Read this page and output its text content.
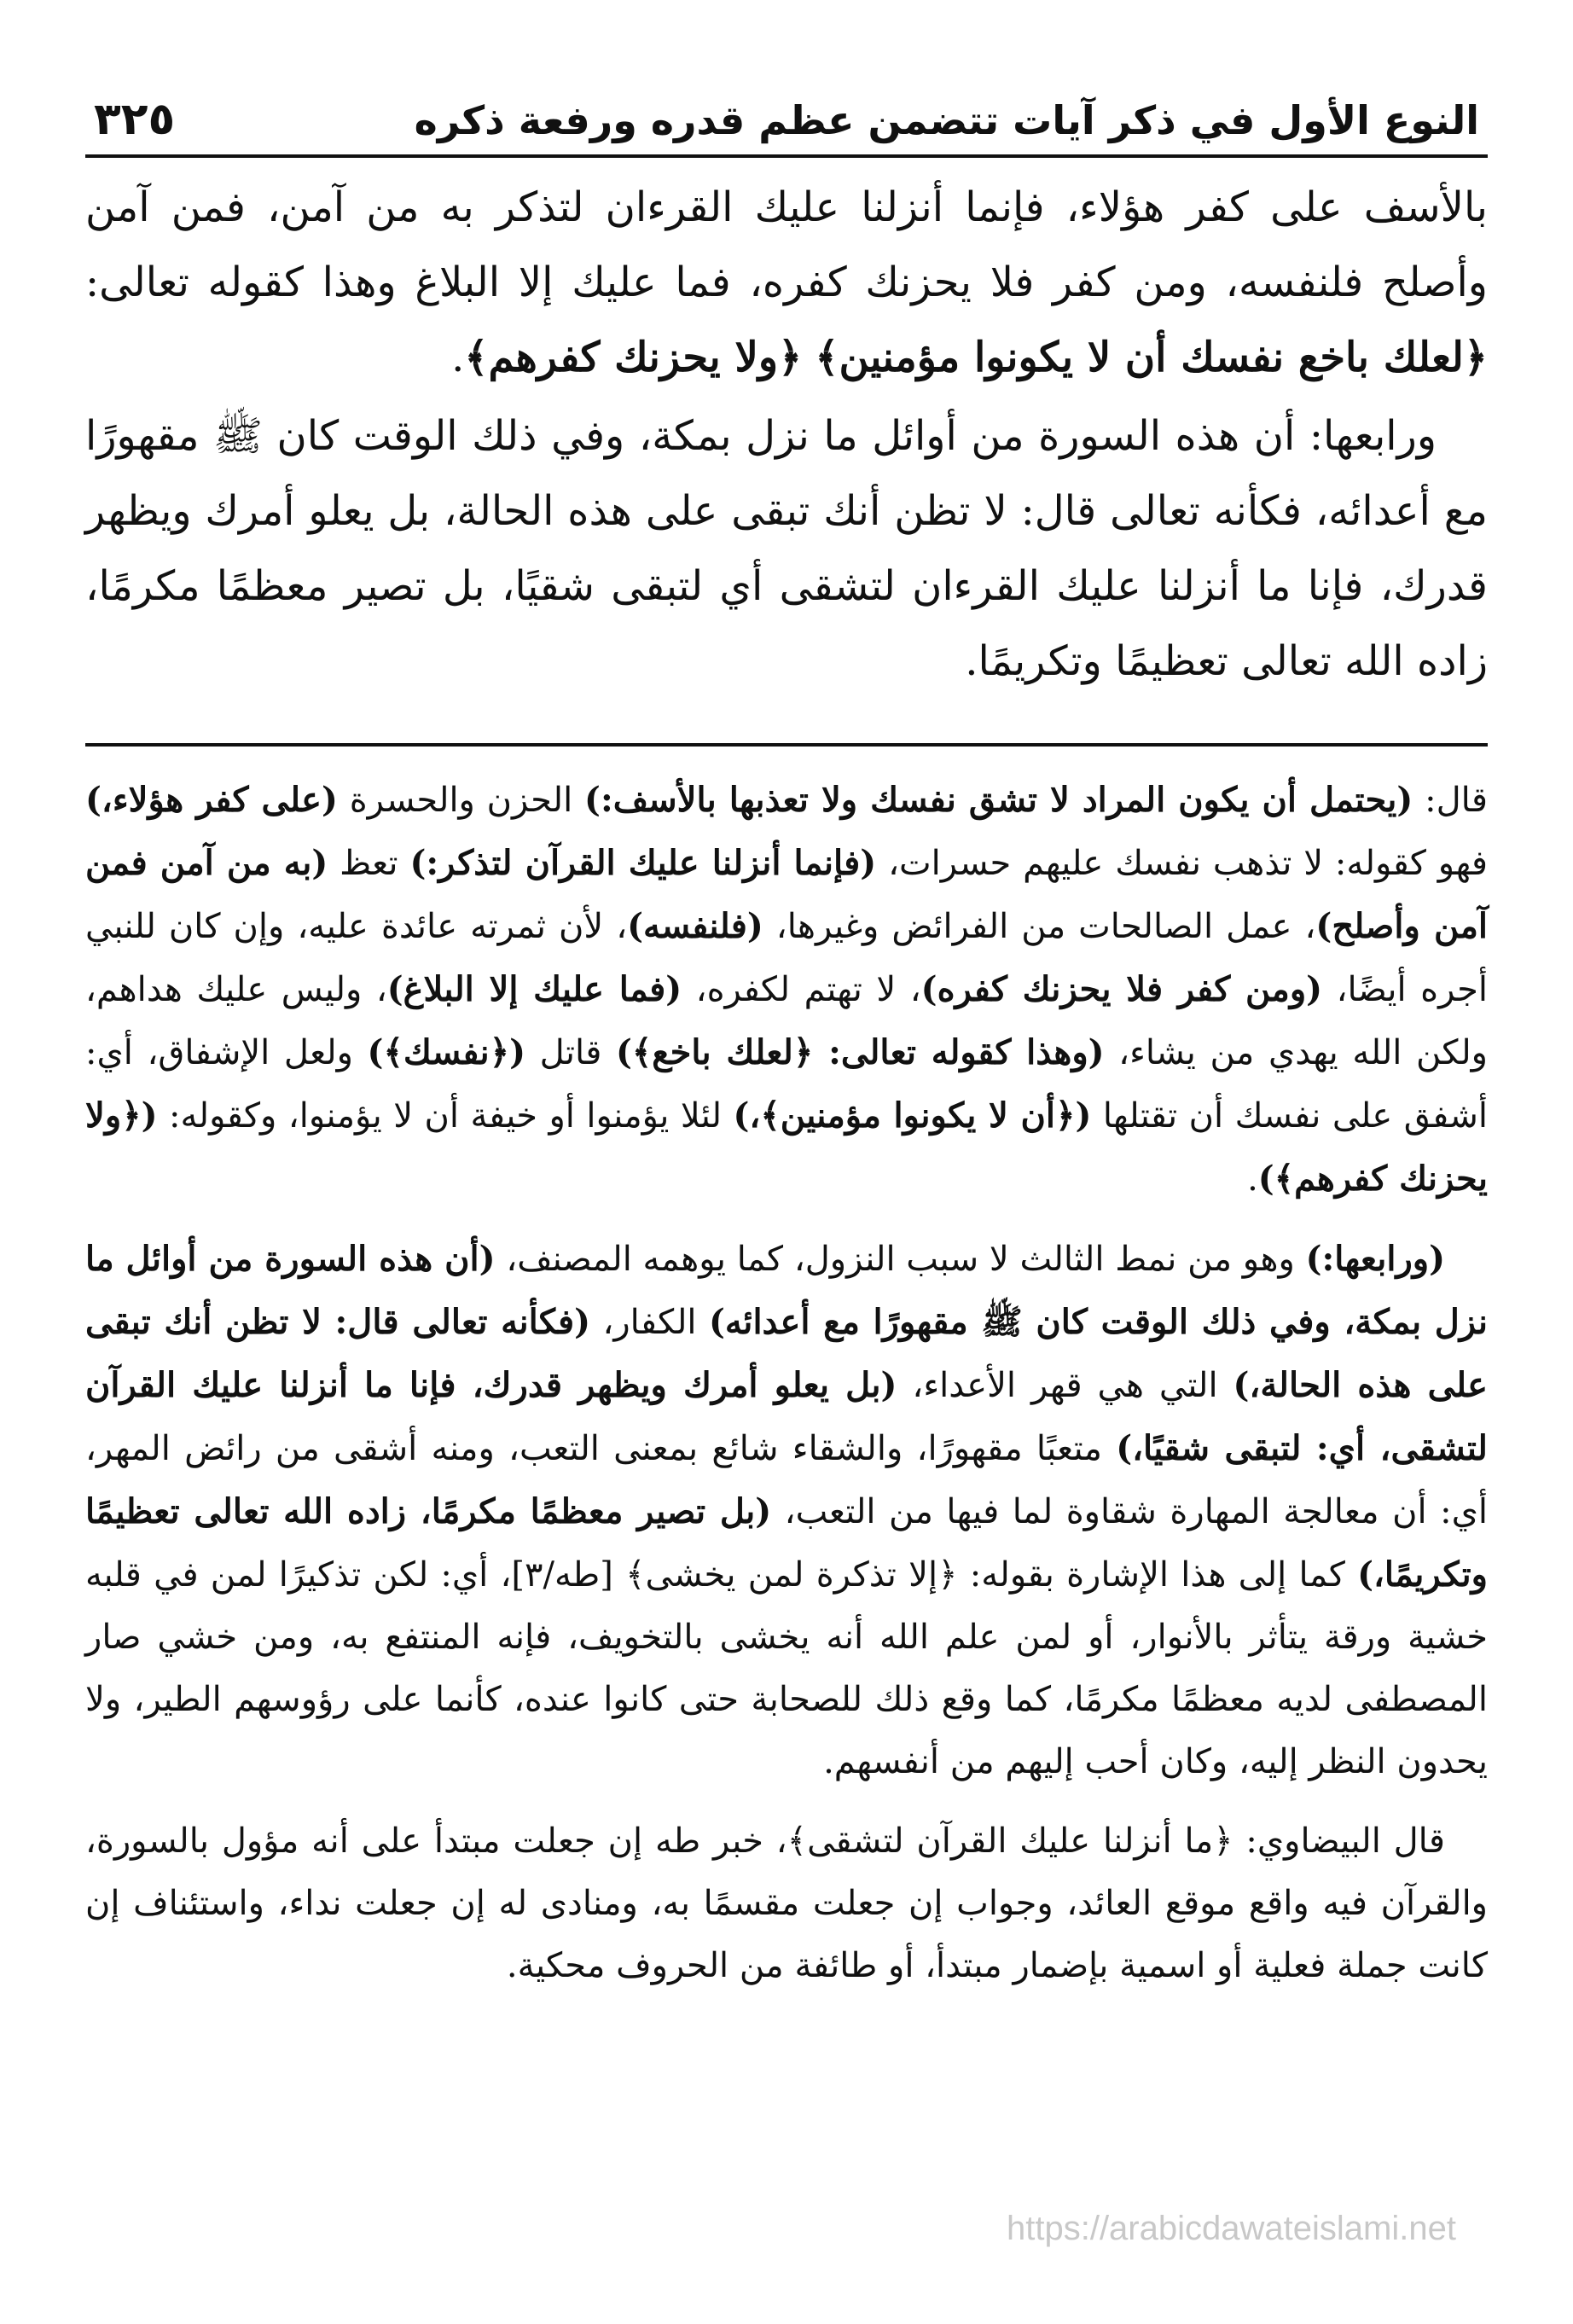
النوع الأول في ذكر آيات تتضمن عظم قدره ورفعة ذكره
٣٢٥

بالأسف على كفر هؤلاء، فإنما أنزلنا عليك القرءان لتذكر به من آمن، فمن آمن وأصلح فلنفسه، ومن كفر فلا يحزنك كفره، فما عليك إلا البلاغ وهذا كقوله تعالى: ﴿لعلك باخع نفسك أن لا يكونوا مؤمنين﴾ ﴿ولا يحزنك كفرهم﴾.

ورابعها: أن هذه السورة من أوائل ما نزل بمكة، وفي ذلك الوقت كان ﷺ مقهورًا مع أعدائه، فكأنه تعالى قال: لا تظن أنك تبقى على هذه الحالة، بل يعلو أمرك ويظهر قدرك، فإنا ما أنزلنا عليك القرءان لتشقى أي لتبقى شقيًا، بل تصير معظمًا مكرمًا، زاده الله تعالى تعظيمًا وتكريمًا.

قال: (يحتمل أن يكون المراد لا تشق نفسك ولا تعذبها بالأسف:) الحزن والحسرة (على كفر هؤلاء،) فهو كقوله: لا تذهب نفسك عليهم حسرات، (فإنما أنزلنا عليك القرآن لتذكر:) تعظ (به من آمن فمن آمن وأصلح)، عمل الصالحات من الفرائض وغيرها، (فلنفسه)، لأن ثمرته عائدة عليه، وإن كان للنبي أجره أيضًا، (ومن كفر فلا يحزنك كفره)، لا تهتم لكفره، (فما عليك إلا البلاغ)، وليس عليك هداهم، ولكن الله يهدي من يشاء، (وهذا كقوله تعالى: ﴿لعلك باخع﴾) قاتل (﴿نفسك﴾) ولعل الإشفاق، أي: أشفق على نفسك أن تقتلها (﴿أن لا يكونوا مؤمنين﴾،) لئلا يؤمنوا أو خيفة أن لا يؤمنوا، وكقوله: (﴿ولا يحزنك كفرهم﴾).

(ورابعها:) وهو من نمط الثالث لا سبب النزول، كما يوهمه المصنف، (أن هذه السورة من أوائل ما نزل بمكة، وفي ذلك الوقت كان ﷺ مقهورًا مع أعدائه) الكفار، (فكأنه تعالى قال: لا تظن أنك تبقى على هذه الحالة،) التي هي قهر الأعداء، (بل يعلو أمرك ويظهر قدرك، فإنا ما أنزلنا عليك القرآن لتشقى، أي: لتبقى شقيًا،) متعبًا مقهورًا، والشقاء شائع بمعنى التعب، ومنه أشقى من رائض المهر، أي: أن معالجة المهارة شقاوة لما فيها من التعب، (بل تصير معظمًا مكرمًا، زاده الله تعالى تعظيمًا وتكريمًا،) كما إلى هذا الإشارة بقوله: ﴿إلا تذكرة لمن يخشى﴾ [طه/٣]، أي: لكن تذكيرًا لمن في قلبه خشية ورقة يتأثر بالأنوار، أو لمن علم الله أنه يخشى بالتخويف، فإنه المنتفع به، ومن خشي صار المصطفى لديه معظمًا مكرمًا، كما وقع ذلك للصحابة حتى كانوا عنده، كأنما على رؤوسهم الطير، ولا يحدون النظر إليه، وكان أحب إليهم من أنفسهم.

قال البيضاوي: ﴿ما أنزلنا عليك القرآن لتشقى﴾، خبر طه إن جعلت مبتدأ على أنه مؤول بالسورة، والقرآن فيه واقع موقع العائد، وجواب إن جعلت مقسمًا به، ومنادى له إن جعلت نداء، واستئناف إن كانت جملة فعلية أو اسمية بإضمار مبتدأ، أو طائفة من الحروف محكية.

https://arabicdawateislami.net
